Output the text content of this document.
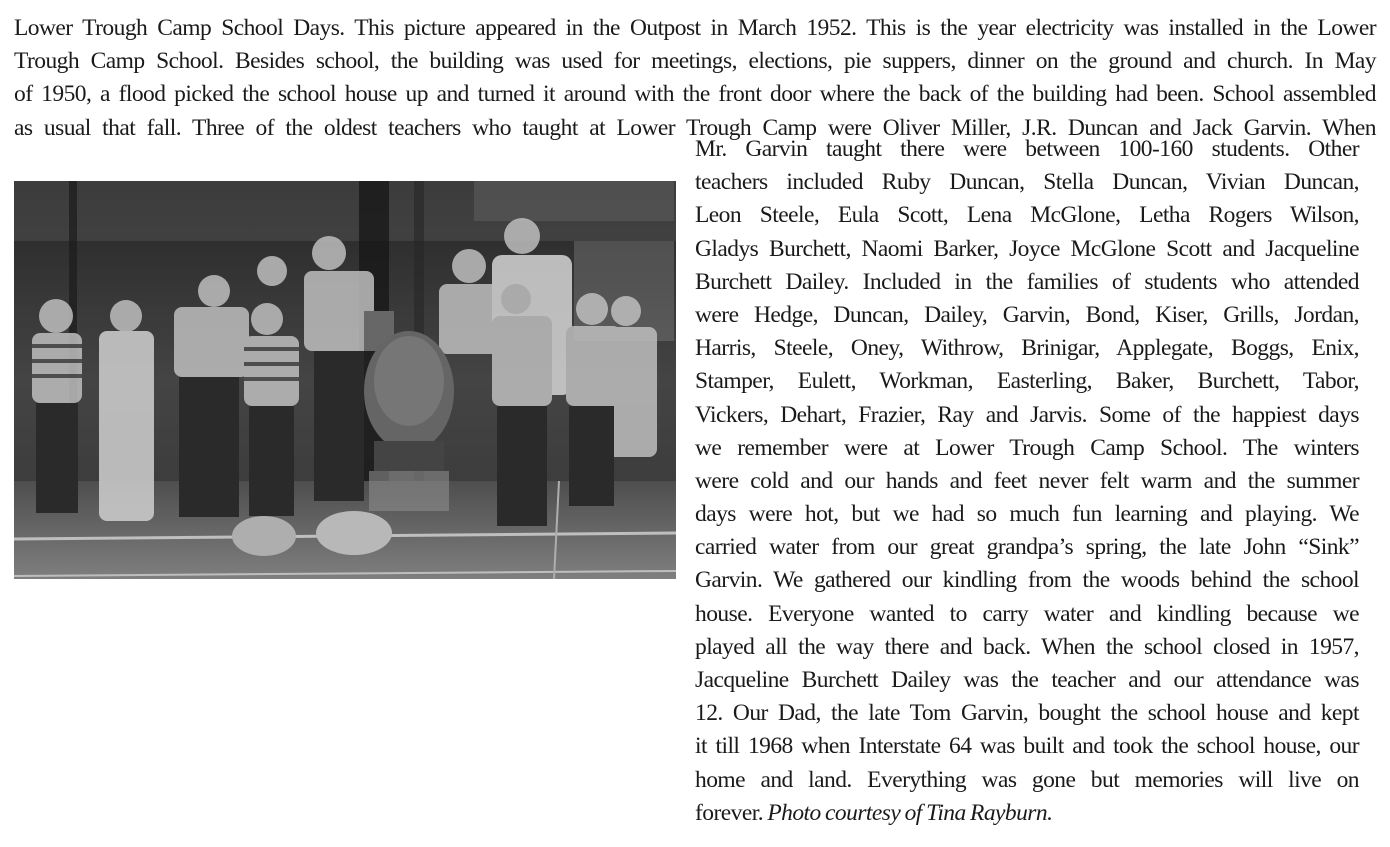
Lower Trough Camp School Days. This picture appeared in the Outpost in March 1952. This is the year electricity was installed in the Lower
Trough Camp School. Besides school, the building was used for meetings, elections, pie suppers, dinner on the ground and church. In May
of 1950, a flood picked the school house up and turned it around with the front door where the back of the building had been. School assembled
as usual that fall. Three of the oldest teachers who taught at Lower Trough Camp were Oliver Miller, J.R. Duncan and Jack Garvin. When
Mr. Garvin taught there were between 100-160 students. Other
teachers included Ruby Duncan, Stella Duncan, Vivian Duncan,
Leon Steele, Eula Scott, Lena McGlone, Letha Rogers Wilson,
Gladys Burchett, Naomi Barker, Joyce McGlone Scott and Jacqueline
Burchett Dailey. Included in the families of students who attended
were Hedge, Duncan, Dailey, Garvin, Bond, Kiser, Grills, Jordan,
Harris, Steele, Oney, Withrow, Brinigar, Applegate, Boggs, Enix,
Stamper, Eulett, Workman, Easterling, Baker, Burchett, Tabor,
Vickers, Dehart, Frazier, Ray and Jarvis. Some of the happiest days
we remember were at Lower Trough Camp School. The winters
were cold and our hands and feet never felt warm and the summer
days were hot, but we had so much fun learning and playing. We
carried water from our great grandpa’s spring, the late John “Sink”
Garvin. We gathered our kindling from the woods behind the school
house. Everyone wanted to carry water and kindling because we
played all the way there and back. When the school closed in 1957,
Jacqueline Burchett Dailey was the teacher and our attendance was
12. Our Dad, the late Tom Garvin, bought the school house and kept
it till 1968 when Interstate 64 was built and took the school house, our
home and land. Everything was gone but memories will live on
forever. Photo courtesy of Tina Rayburn.
